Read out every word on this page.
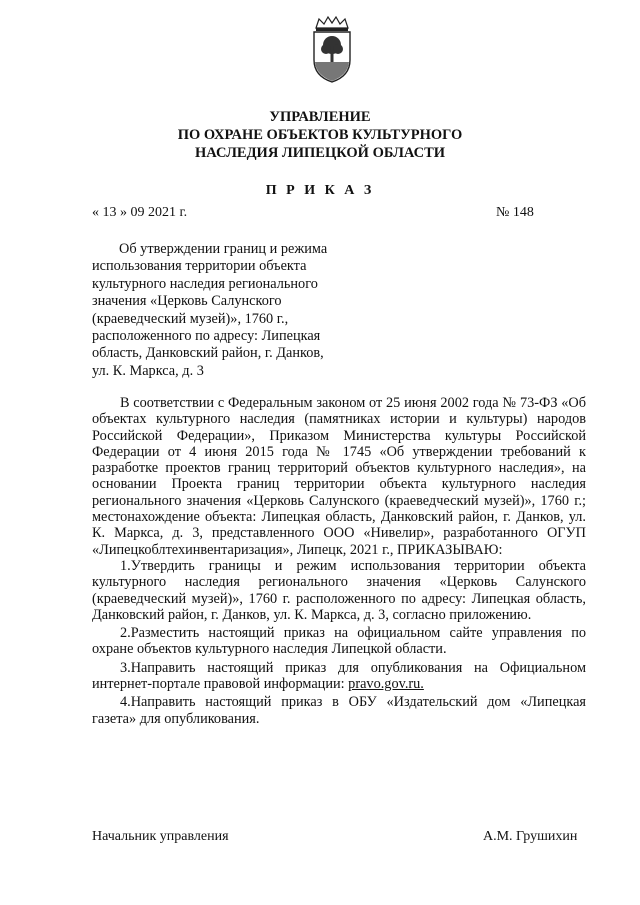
УПРАВЛЕНИЕ
ПО ОХРАНЕ ОБЪЕКТОВ КУЛЬТУРНОГО
НАСЛЕДИЯ ЛИПЕЦКОЙ ОБЛАСТИ
П Р И К А З
« 13 » 09 2021 г.	№ 148

Об утверждении границ и режима

использования территории объекта

культурного наследия регионального

значения «Церковь Салунского

(краеведческий музей)», 1760 г.,

расположенного по адресу: Липецкая

область, Данковский район, г. Данков,

ул. К. Маркса, д. 3

В соответствии с Федеральным законом от 25 июня 2002 года № 73-ФЗ «Об объектах культурного наследия (памятниках истории и культуры) народов Российской Федерации», Приказом Министерства культуры Российской Федерации от 4 июня 2015 года № 1745 «Об утверждении требований к разработке проектов границ территорий объектов культурного наследия», на основании Проекта границ территории объекта культурного наследия регионального значения «Церковь Салунского (краеведческий музей)», 1760 г.; местонахождение объекта: Липецкая область, Данковский район, г. Данков, ул. К. Маркса, д. 3, представленного ООО «Нивелир», разработанного ОГУП «Липецкоблтехинвентаризация», Липецк, 2021 г., ПРИКАЗЫВАЮ:

1.Утвердить границы и режим использования территории объекта культурного наследия регионального значения «Церковь Салунского (краеведческий музей)», 1760 г. расположенного по адресу: Липецкая область, Данковский район, г. Данков, ул. К. Маркса, д. 3, согласно приложению.

2.Разместить настоящий приказ на официальном сайте управления по охране объектов культурного наследия Липецкой области.

3.Направить настоящий приказ для опубликования на Официальном интернет-портале правовой информации: pravo.gov.ru.

4.Направить настоящий приказ в ОБУ «Издательский дом «Липецкая газета» для опубликования.

Начальник управления	А.М. Грушихин
